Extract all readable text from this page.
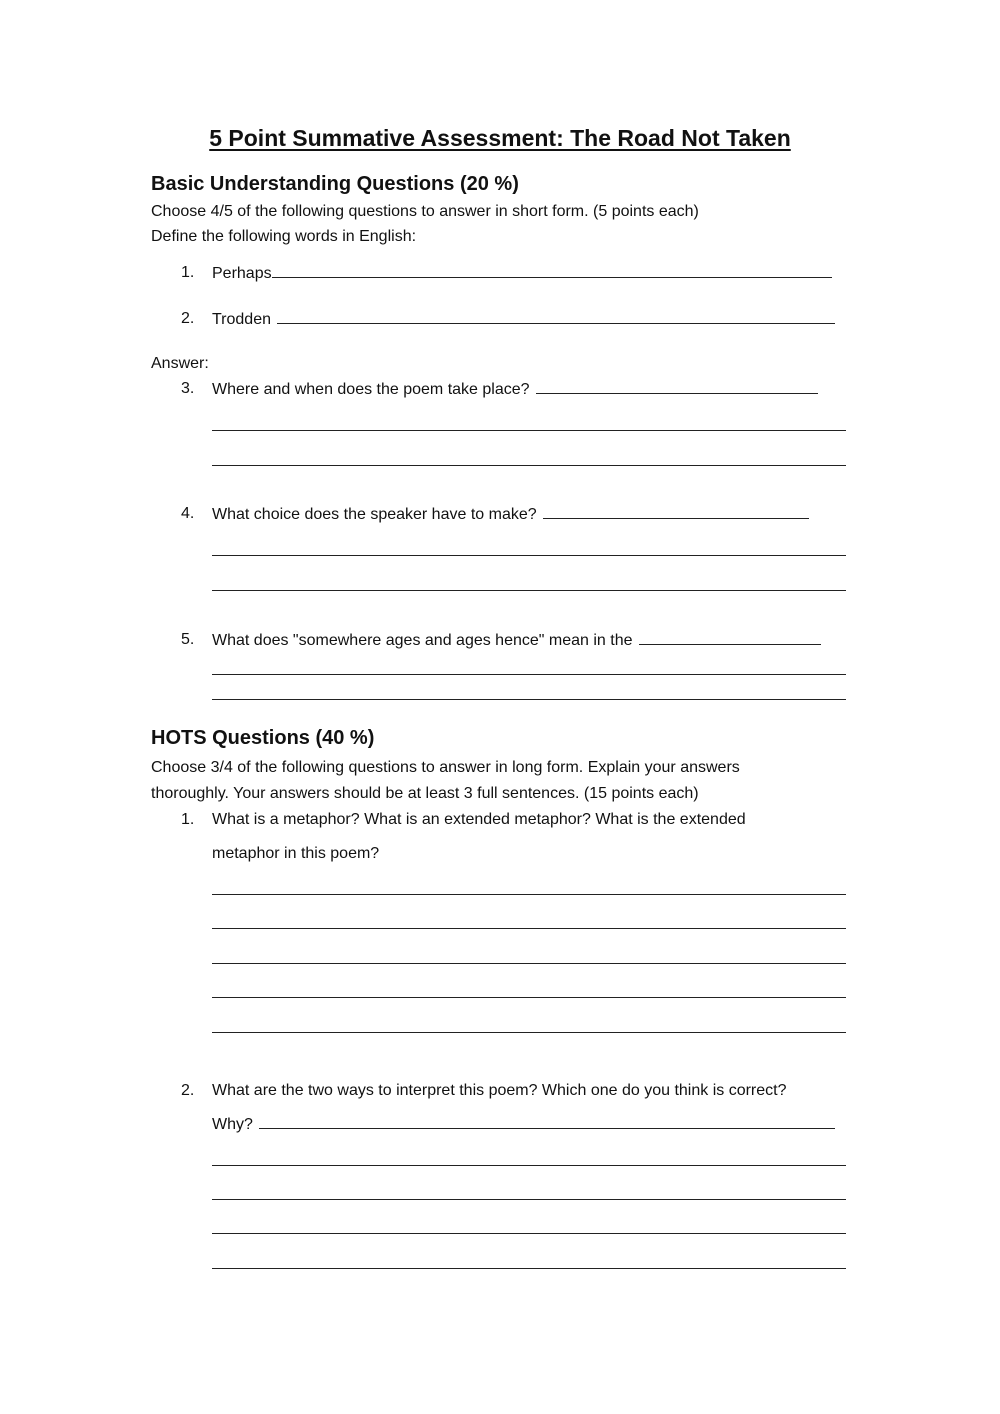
5 Point Summative Assessment: The Road Not Taken
Basic Understanding Questions (20 %)
Choose 4/5 of the following questions to answer in short form. (5 points each)
Define the following words in English:
1. Perhaps
2. Trodden
Answer:
3. Where and when does the poem take place?
4. What choice does the speaker have to make?
5. What does "somewhere ages and ages hence" mean in the
HOTS Questions (40 %)
Choose 3/4 of the following questions to answer in long form. Explain your answers
thoroughly. Your answers should be at least 3 full sentences. (15 points each)
1. What is a metaphor? What is an extended metaphor? What is the extended
metaphor in this poem?
2. What are the two ways to interpret this poem? Which one do you think is correct?
Why?
